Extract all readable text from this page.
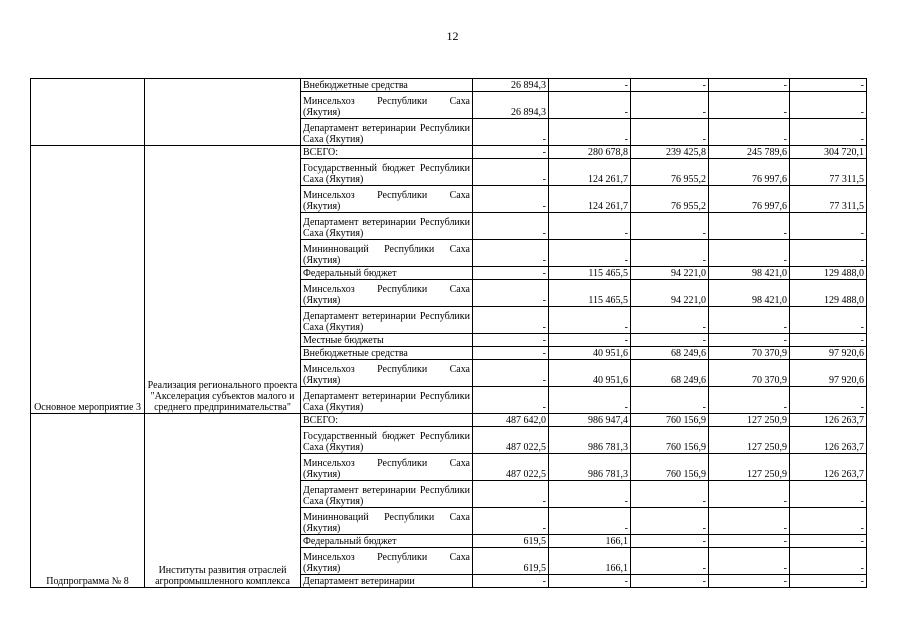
12
		Внебюджетные средства	26 894,3	-	-	-	-
		Минсельхоз Республики Саха (Якутия)	26 894,3	-	-	-	-
		Департамент ветеринарии Республики Саха (Якутия)	-	-	-	-	-
Основное мероприятие 3	Реализация регионального проекта "Акселерация субъектов малого и среднего предпринимательства"	ВСЕГО:	-	280 678,8	239 425,8	245 789,6	304 720,1
		Государственный бюджет Республики Саха (Якутия)	-	124 261,7	76 955,2	76 997,6	77 311,5
		Минсельхоз Республики Саха (Якутия)	-	124 261,7	76 955,2	76 997,6	77 311,5
		Департамент ветеринарии Республики Саха (Якутия)	-	-	-	-	-
		Мининноваций Республики Саха (Якутия)	-	-	-	-	-
		Федеральный бюджет	-	115 465,5	94 221,0	98 421,0	129 488,0
		Минсельхоз Республики Саха (Якутия)	-	115 465,5	94 221,0	98 421,0	129 488,0
		Департамент ветеринарии Республики Саха (Якутия)	-	-	-	-	-
		Местные бюджеты	-	-	-	-	-
		Внебюджетные средства	-	40 951,6	68 249,6	70 370,9	97 920,6
		Минсельхоз Республики Саха (Якутия)	-	40 951,6	68 249,6	70 370,9	97 920,6
		Департамент ветеринарии Республики Саха (Якутия)	-	-	-	-	-
Подпрограмма № 8	Институты развития отраслей агропромышленного комплекса	ВСЕГО:	487 642,0	986 947,4	760 156,9	127 250,9	126 263,7
		Государственный бюджет Республики Саха (Якутия)	487 022,5	986 781,3	760 156,9	127 250,9	126 263,7
		Минсельхоз Республики Саха (Якутия)	487 022,5	986 781,3	760 156,9	127 250,9	126 263,7
		Департамент ветеринарии Республики Саха (Якутия)	-	-	-	-	-
		Мининноваций Республики Саха (Якутия)	-	-	-	-	-
		Федеральный бюджет	619,5	166,1	-	-	-
		Минсельхоз Республики Саха (Якутия)	619,5	166,1	-	-	-
		Департамент ветеринарии	-	-	-	-	-
